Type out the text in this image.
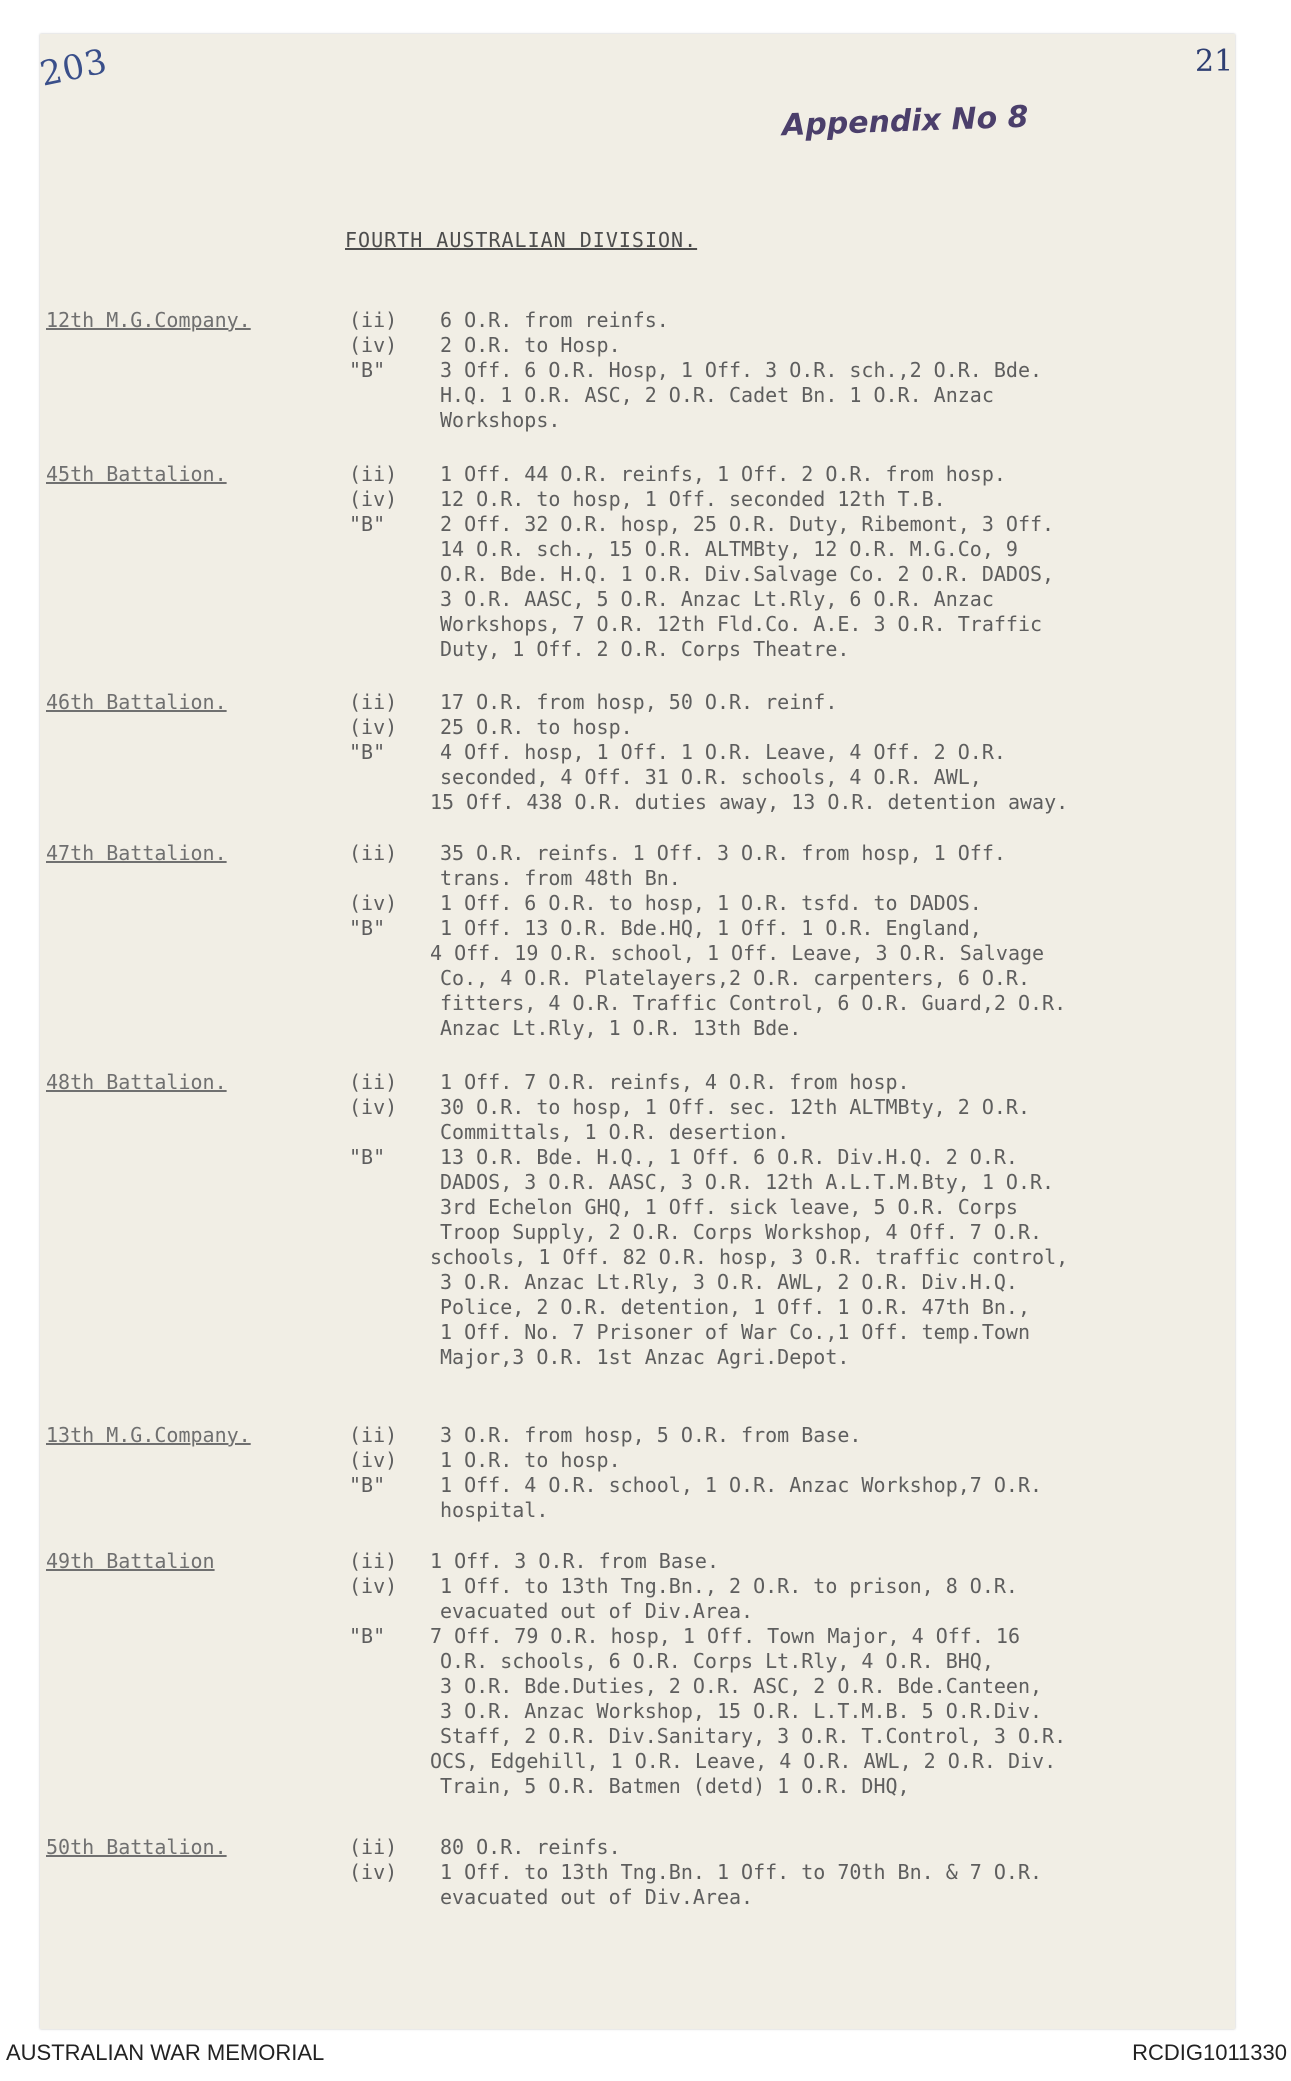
203	21
Appendix No 8
FOURTH AUSTRALIAN DIVISION.
12th M.G.Company.	(ii) 6 O.R. from reinfs.
(iv) 2 O.R. to Hosp.
"B"	3 Off. 6 O.R. Hosp, 1 Off. 3 O.R. sch.,2 O.R. Bde.
H.Q. 1 O.R. ASC, 2 O.R. Cadet Bn. 1 O.R. Anzac
Workshops.
45th Battalion.	(ii) 1 Off. 44 O.R. reinfs, 1 Off. 2 O.R. from hosp.
(iv) 12 O.R. to hosp, 1 Off. seconded 12th T.B.
"B"	2 Off. 32 O.R. hosp, 25 O.R. Duty, Ribemont, 3 Off.
14 O.R. sch., 15 O.R. ALTMBty, 12 O.R. M.G.Co, 9
O.R. Bde. H.Q. 1 O.R. Div.Salvage Co. 2 O.R. DADOS,
3 O.R. AASC, 5 O.R. Anzac Lt.Rly, 6 O.R. Anzac
Workshops, 7 O.R. 12th Fld.Co. A.E. 3 O.R. Traffic
Duty, 1 Off. 2 O.R. Corps Theatre.
46th Battalion.	(ii) 17 O.R. from hosp, 50 O.R. reinf.
(iv) 25 O.R. to hosp.
"B"	4 Off. hosp, 1 Off. 1 O.R. Leave, 4 Off. 2 O.R.
seconded, 4 Off. 31 O.R. schools, 4 O.R. AWL,
15 Off. 438 O.R. duties away, 13 O.R. detention away.
47th Battalion.	(ii) 35 O.R. reinfs. 1 Off. 3 O.R. from hosp, 1 Off.
trans. from 48th Bn.
(iv) 1 Off. 6 O.R. to hosp, 1 O.R. tsfd. to DADOS.
"B"	1 Off. 13 O.R. Bde.HQ, 1 Off. 1 O.R. England,
4 Off. 19 O.R. school, 1 Off. Leave, 3 O.R. Salvage
Co., 4 O.R. Platelayers,2 O.R. carpenters, 6 O.R.
fitters, 4 O.R. Traffic Control, 6 O.R. Guard,2 O.R.
Anzac Lt.Rly, 1 O.R. 13th Bde.
48th Battalion.	(ii) 1 Off. 7 O.R. reinfs, 4 O.R. from hosp.
(iv) 30 O.R. to hosp, 1 Off. sec. 12th ALTMBty, 2 O.R.
Committals, 1 O.R. desertion.
"B"	13 O.R. Bde. H.Q., 1 Off. 6 O.R. Div.H.Q. 2 O.R.
DADOS, 3 O.R. AASC, 3 O.R. 12th A.L.T.M.Bty, 1 O.R.
3rd Echelon GHQ, 1 Off. sick leave, 5 O.R. Corps
Troop Supply, 2 O.R. Corps Workshop, 4 Off. 7 O.R.
schools, 1 Off. 82 O.R. hosp, 3 O.R. traffic control,
3 O.R. Anzac Lt.Rly, 3 O.R. AWL, 2 O.R. Div.H.Q.
Police, 2 O.R. detention, 1 Off. 1 O.R. 47th Bn.,
1 Off. No. 7 Prisoner of War Co.,1 Off. temp.Town
Major,3 O.R. 1st Anzac Agri.Depot.
13th M.G.Company.	(ii) 3 O.R. from hosp, 5 O.R. from Base.
(iv) 1 O.R. to hosp.
"B"	1 Off. 4 O.R. school, 1 O.R. Anzac Workshop,7 O.R.
hospital.
49th Battalion	(ii) 1 Off. 3 O.R. from Base.
(iv) 1 Off. to 13th Tng.Bn., 2 O.R. to prison, 8 O.R.
evacuated out of Div.Area.
"B" 7 Off. 79 O.R. hosp, 1 Off. Town Major, 4 Off. 16
O.R. schools, 6 O.R. Corps Lt.Rly, 4 O.R. BHQ,
3 O.R. Bde.Duties, 2 O.R. ASC, 2 O.R. Bde.Canteen,
3 O.R. Anzac Workshop, 15 O.R. L.T.M.B. 5 O.R.Div.
Staff, 2 O.R. Div.Sanitary, 3 O.R. T.Control, 3 O.R.
OCS, Edgehill, 1 O.R. Leave, 4 O.R. AWL, 2 O.R. Div.
Train, 5 O.R. Batmen (detd) 1 O.R. DHQ,
50th Battalion.	(ii) 80 O.R. reinfs.
(iv) 1 Off. to 13th Tng.Bn. 1 Off. to 70th Bn. & 7 O.R.
evacuated out of Div.Area.
AUSTRALIAN WAR MEMORIAL	RCDIG1011330
